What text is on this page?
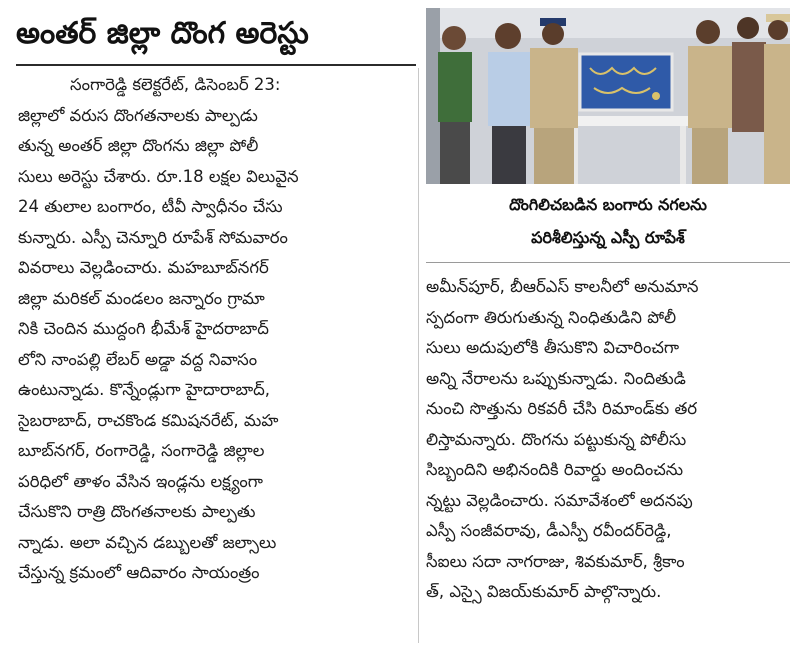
అంతర్ జిల్లా దొంగ అరెస్టు
సంగారెడ్డి కలెక్టరేట్, డిసెంబర్ 23:
జిల్లాలో వరుస దొంగతనాలకు పాల్పడు
తున్న అంతర్ జిల్లా దొంగను జిల్లా పోలీ
సులు అరెస్టు చేశారు. రూ.18 లక్షల విలువైన
24 తులాల బంగారం, టీవీ స్వాధీనం చేసు
కున్నారు. ఎస్పీ చెన్నూరి రూపేశ్ సోమవారం
వివరాలు వెల్లడించారు. మహబూబ్‌నగర్
జిల్లా మరికల్ మండలం జన్నారం గ్రామా
నికి చెందిన ముద్దంగి భీమేశ్ హైదరాబాద్
లోని నాంపల్లి లేబర్ అడ్డా వద్ద నివాసం
ఉంటున్నాడు. కొన్నేండ్లుగా హైదారాబాద్,
సైబరాబాద్, రాచకొండ కమిషనరేట్, మహ
బూబ్‌నగర్, రంగారెడ్డి, సంగారెడ్డి జిల్లాల
పరిధిలో తాళం వేసిన ఇండ్లను లక్ష్యంగా
చేసుకొని రాత్రి దొంగతనాలకు పాల్పతు
న్నాడు. అలా వచ్చిన డబ్బులతో జల్సాలు
చేస్తున్న క్రమంలో ఆదివారం సాయంత్రం
దొంగిలిచబడిన బంగారు నగలను
పరిశీలిస్తున్న ఎస్పీ రూపేశ్
అమీన్‌పూర్, బీఆర్ఎస్ కాలనీలో అనుమాన
స్పదంగా తిరుగుతున్న నింధితుడిని పోలీ
సులు అదుపులోకి తీసుకొని విచారించగా
అన్ని నేరాలను ఒప్పుకున్నాడు. నిందితుడి
నుంచి సొత్తును రికవరీ చేసి రిమాండ్‌కు తర
లిస్తామన్నారు. దొంగను పట్టుకున్న పోలీసు
సిబ్బందిని అభినందికి రివార్డు అందించను
న్నట్టు వెల్లడించారు. సమావేశంలో అదనపు
ఎస్పీ సంజీవరావు, డీఎస్పీ రవీందర్‌రెడ్డి,
సీఐలు సదా నాగరాజు, శివకుమార్, శ్రీకాం
త్, ఎస్సై విజయ్‌కుమార్ పాల్గొన్నారు.
